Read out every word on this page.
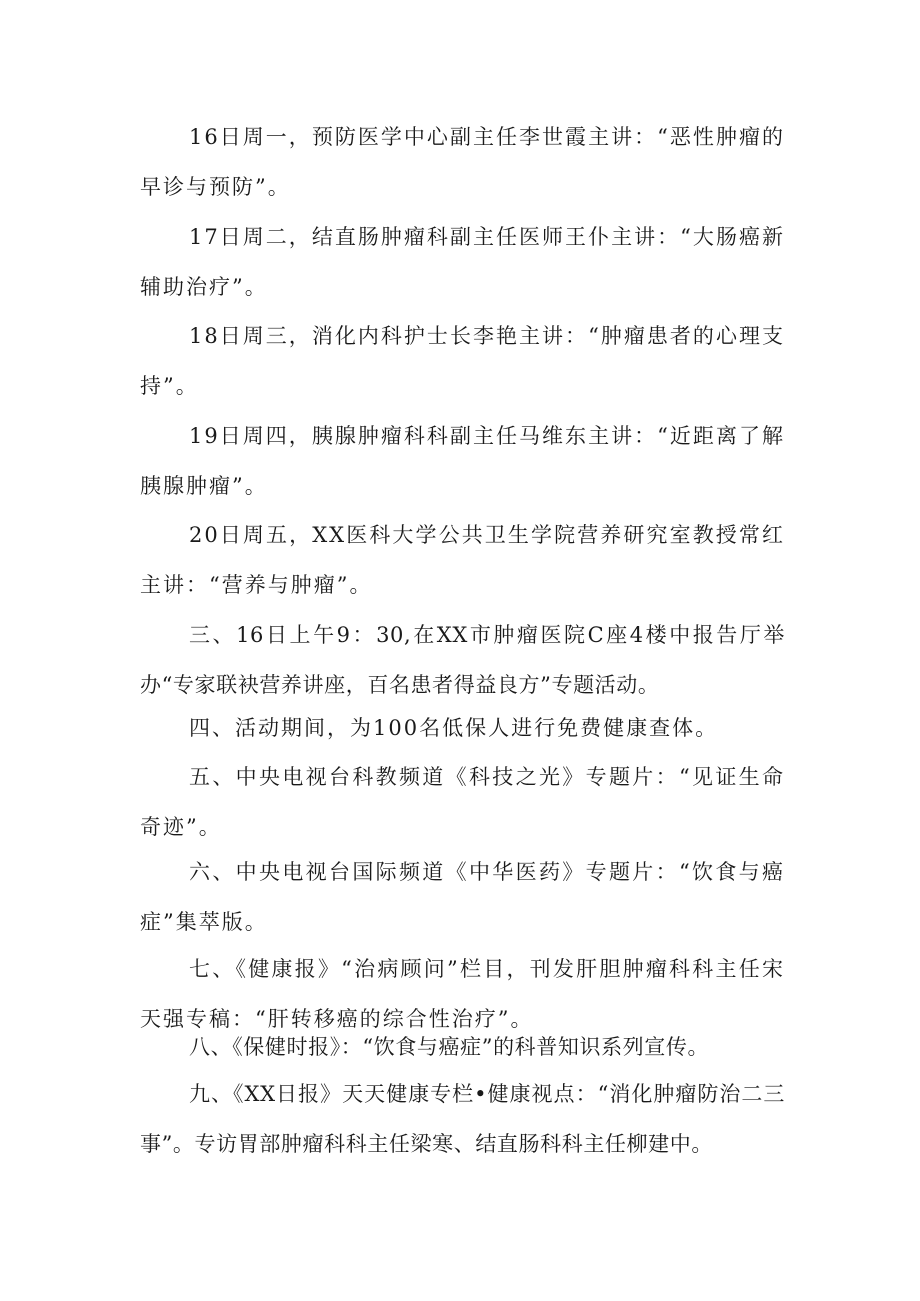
16日周一，预防医学中心副主任李世霞主讲：“恶性肿瘤的早诊与预防”。

17日周二，结直肠肿瘤科副主任医师王仆主讲：“大肠癌新辅助治疗”。

18日周三，消化内科护士长李艳主讲：“肿瘤患者的心理支持”。

19日周四，胰腺肿瘤科科副主任马维东主讲：“近距离了解胰腺肿瘤”。

20日周五，XX医科大学公共卫生学院营养研究室教授常红主讲：“营养与肿瘤”。

三、16日上午9：30,在XX市肿瘤医院C座4楼中报告厅举办“专家联袂营养讲座，百名患者得益良方”专题活动。

四、活动期间，为100名低保人进行免费健康查体。

五、中央电视台科教频道《科技之光》专题片：“见证生命奇迹”。

六、中央电视台国际频道《中华医药》专题片：“饮食与癌症”集萃版。

七、《健康报》“治病顾问”栏目，刊发肝胆肿瘤科科主任宋天强专稿：“肝转移癌的综合性治疗”。

八、《保健时报》：“饮食与癌症”的科普知识系列宣传。

九、《XX日报》天天健康专栏•健康视点：“消化肿瘤防治二三事”。专访胃部肿瘤科科主任梁寒、结直肠科科主任柳建中。
